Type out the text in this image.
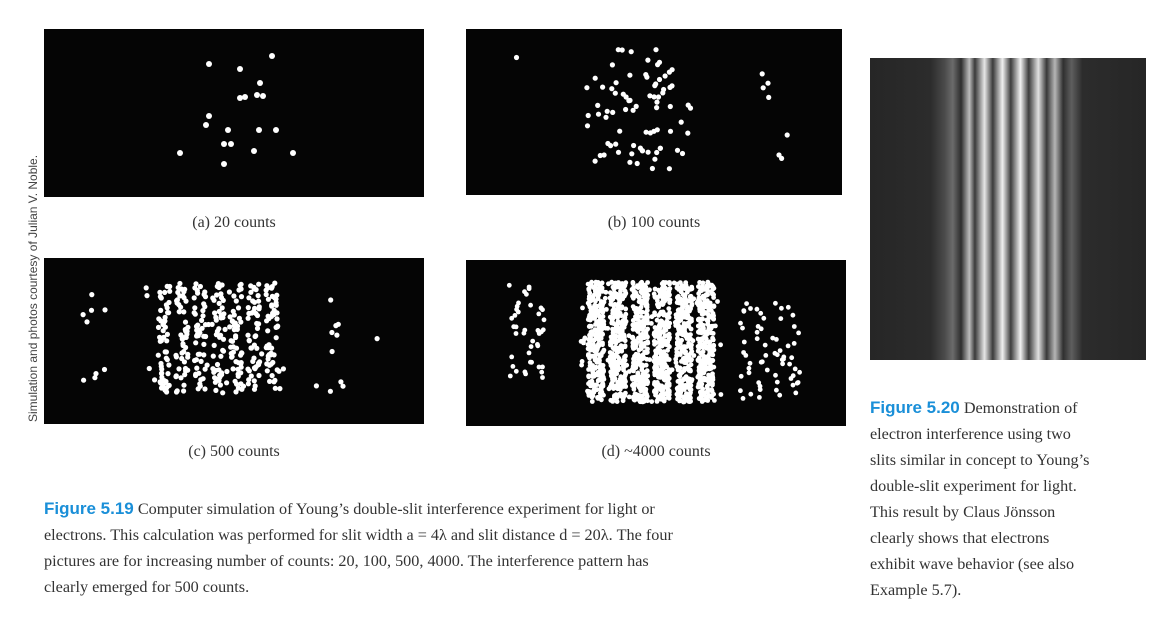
Simulation and photos courtesy of Julian V. Noble.	(a) 20 counts	(b) 100 counts
(c) 500 counts	(d) ~4000 counts
Figure 5.19 Computer simulation of Young’s double-slit interference experiment for light or
electrons. This calculation was performed for slit width a = 4λ and slit distance d = 20λ. The four
pictures are for increasing number of counts: 20, 100, 500, 4000. The interference pattern has
clearly emerged for 500 counts.
Figure 5.20 Demonstration of
electron interference using two
slits similar in concept to Young’s
double-slit experiment for light.
This result by Claus Jönsson
clearly shows that electrons
exhibit wave behavior (see also
Example 5.7).
